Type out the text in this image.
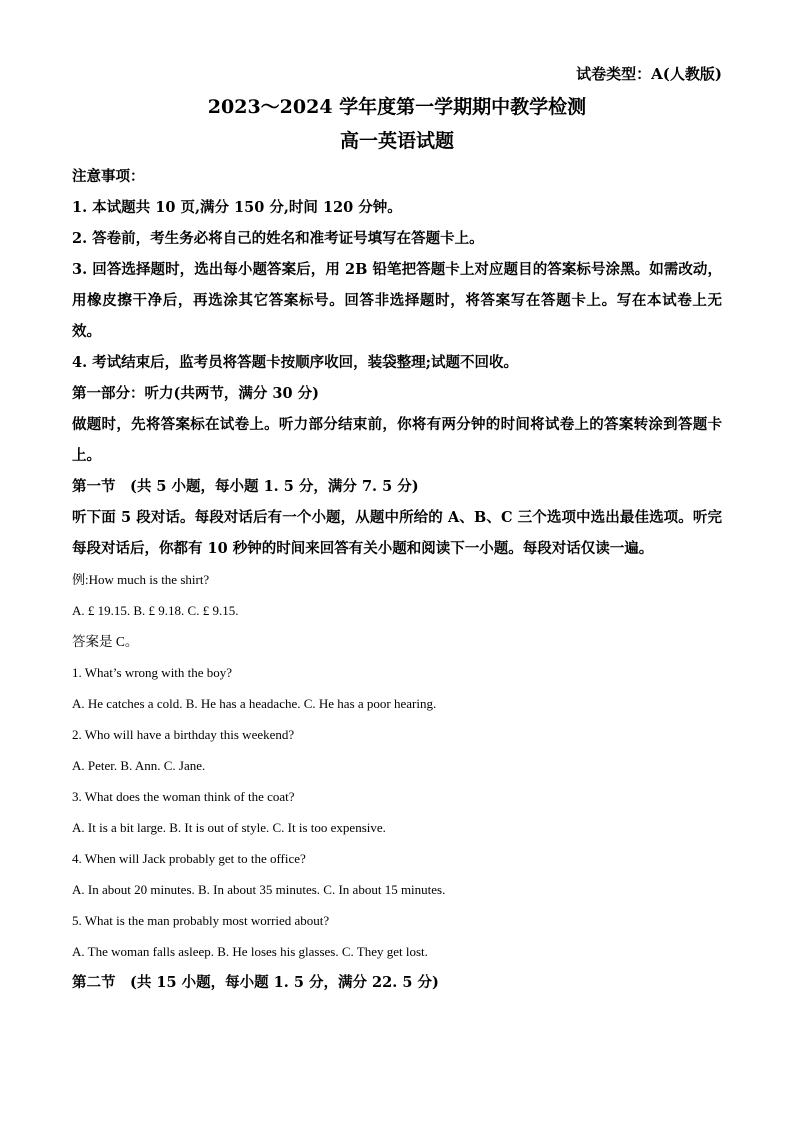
试卷类型：A(人教版)

2023～2024 学年度第一学期期中教学检测

高一英语试题

注意事项：

1. 本试题共 10 页,满分 150 分,时间 120 分钟。

2. 答卷前，考生务必将自己的姓名和准考证号填写在答题卡上。

3. 回答选择题时，选出每小题答案后，用 2B 铅笔把答题卡上对应题目的答案标号涂黑。如需改动，用橡皮擦干净后，再选涂其它答案标号。回答非选择题时，将答案写在答题卡上。写在本试卷上无效。

4. 考试结束后，监考员将答题卡按顺序收回，装袋整理;试题不回收。

第一部分：听力(共两节，满分 30 分)

做题时，先将答案标在试卷上。听力部分结束前，你将有两分钟的时间将试卷上的答案转涂到答题卡上。

第一节　(共 5 小题，每小题 1. 5 分，满分 7. 5 分)

听下面 5 段对话。每段对话后有一个小题，从题中所给的 A、B、C 三个选项中选出最佳选项。听完每段对话后，你都有 10 秒钟的时间来回答有关小题和阅读下一小题。每段对话仅读一遍。

例:How much is the shirt?

A. £ 19.15. B. £ 9.18. C. £ 9.15.

答案是 C。

1. What’s wrong with the boy?

A. He catches a cold. B. He has a headache. C. He has a poor hearing.

2. Who will have a birthday this weekend?

A. Peter. B. Ann. C. Jane.

3. What does the woman think of the coat?

A. It is a bit large. B. It is out of style. C. It is too expensive.

4. When will Jack probably get to the office?

A. In about 20 minutes. B. In about 35 minutes. C. In about 15 minutes.

5. What is the man probably most worried about?

A. The woman falls asleep. B. He loses his glasses. C. They get lost.

第二节　(共 15 小题，每小题 1. 5 分，满分 22. 5 分)
